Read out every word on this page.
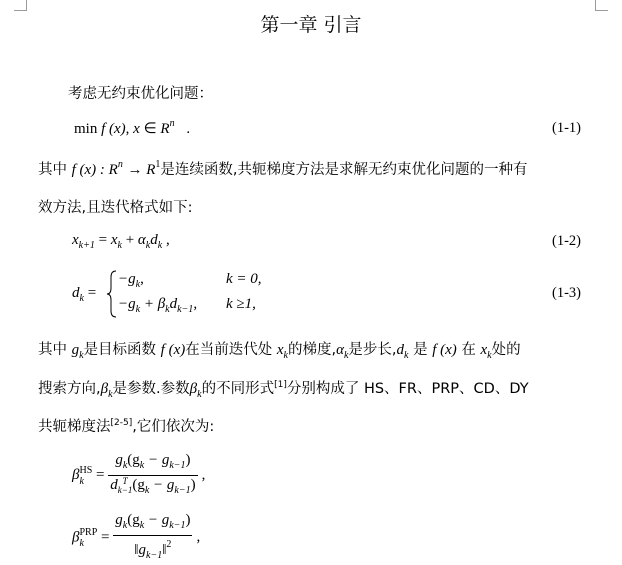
第一章 引言
考虑无约束优化问题：
min f (x), x ∈ $R^n$ .	(1-1)
其中 f (x) : $R^n \to R^1$是连续函数,共轭梯度方法是求解无约束优化问题的一种有
效方法,且迭代格式如下:
$x_{k+1} = x_k + \alpha_kd_k$ ,	(1-2)
$d_k$ =
$-g_k$,	k = 0,
$-g_k + \beta_kd_{k-1}$, k ≥1,
(1-3)
其中 $g_k$是目标函数 f (x)在当前迭代处 $x_k$的梯度$,\alpha_k$是步长$,d_k$ 是 f (x) 在 $x_k$处的
搜索方向$,\beta_k$是参数.参数$\beta_k$的不同形式[1]分别构成了 HS、FR、PRP、CD、DY
共轭梯度法[2-5],它们依次为:
β HS
$k = g_k(g_k - g_{k-1})$
d T
k−1 $(g_k - g_{k-1})$ ,
β PRP
$k = \frac{g_k(g_k - g_{k-1})}{‖g_{k-1}‖^2}$ ,
